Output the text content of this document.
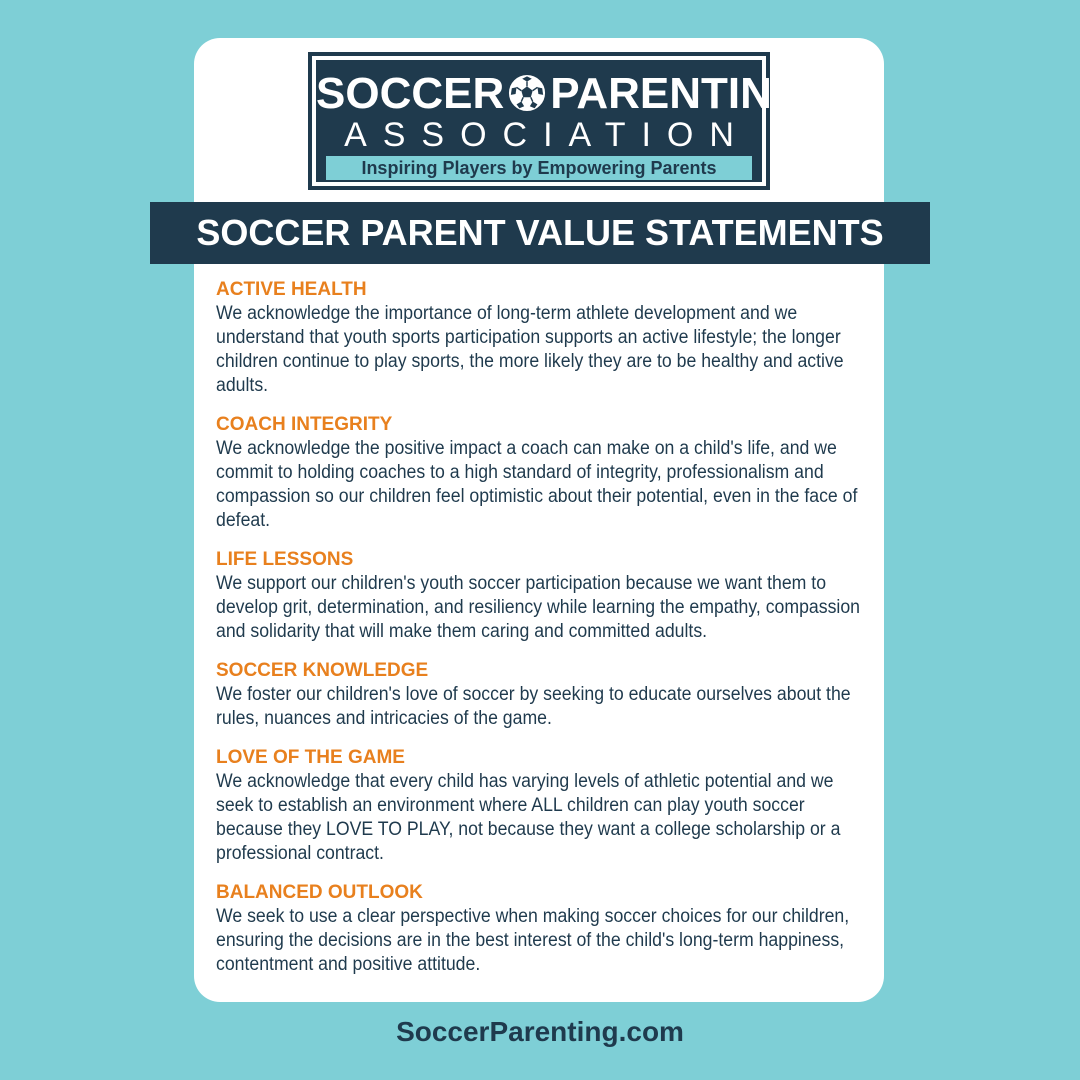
SOCCER PARENTING
ASSOCIATION
Inspiring Players by Empowering Parents
SOCCER PARENT VALUE STATEMENTS
ACTIVE HEALTH
We acknowledge the importance of long-term athlete development and we understand that youth sports participation supports an active lifestyle; the longer children continue to play sports, the more likely they are to be healthy and active adults.
COACH INTEGRITY
We acknowledge the positive impact a coach can make on a child's life, and we commit to holding coaches to a high standard of integrity, professionalism and compassion so our children feel optimistic about their potential, even in the face of defeat.
LIFE LESSONS
We support our children's youth soccer participation because we want them to develop grit, determination, and resiliency while learning the empathy, compassion and solidarity that will make them caring and committed adults.
SOCCER KNOWLEDGE
We foster our children's love of soccer by seeking to educate ourselves about the rules, nuances and intricacies of the game.
LOVE OF THE GAME
We acknowledge that every child has varying levels of athletic potential and we seek to establish an environment where ALL children can play youth soccer because they LOVE TO PLAY, not because they want a college scholarship or a professional contract.
BALANCED OUTLOOK
We seek to use a clear perspective when making soccer choices for our children, ensuring the decisions are in the best interest of the child's long-term happiness, contentment and positive attitude.
SoccerParenting.com
